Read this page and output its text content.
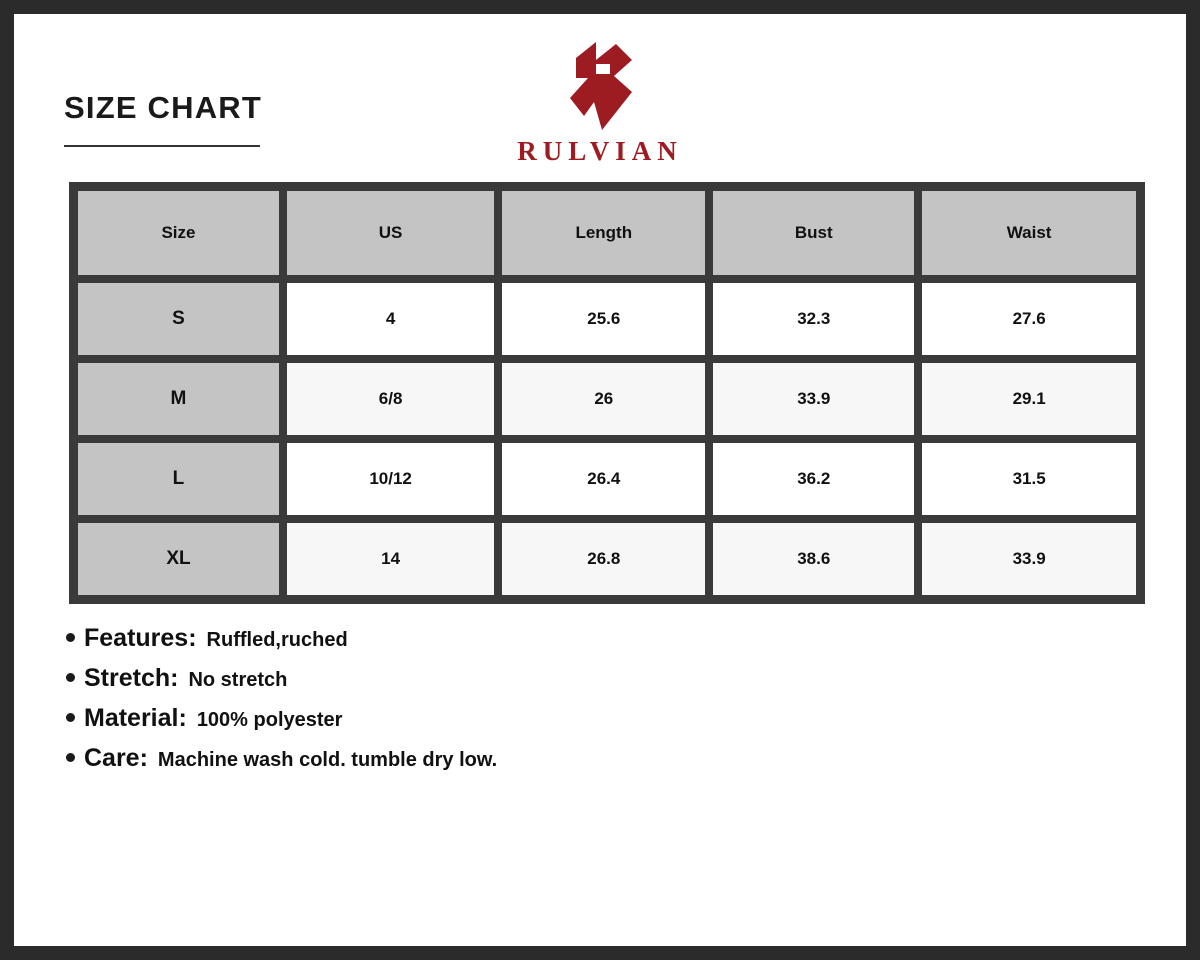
SIZE CHART
RULVIAN
Size	US	Length	Bust	Waist
S	4	25.6	32.3	27.6
M	6/8	26	33.9	29.1
L	10/12	26.4	36.2	31.5
XL	14	26.8	38.6	33.9
Features: Ruffled,ruched
Stretch: No stretch
Material: 100% polyester
Care: Machine wash cold. tumble dry low.
